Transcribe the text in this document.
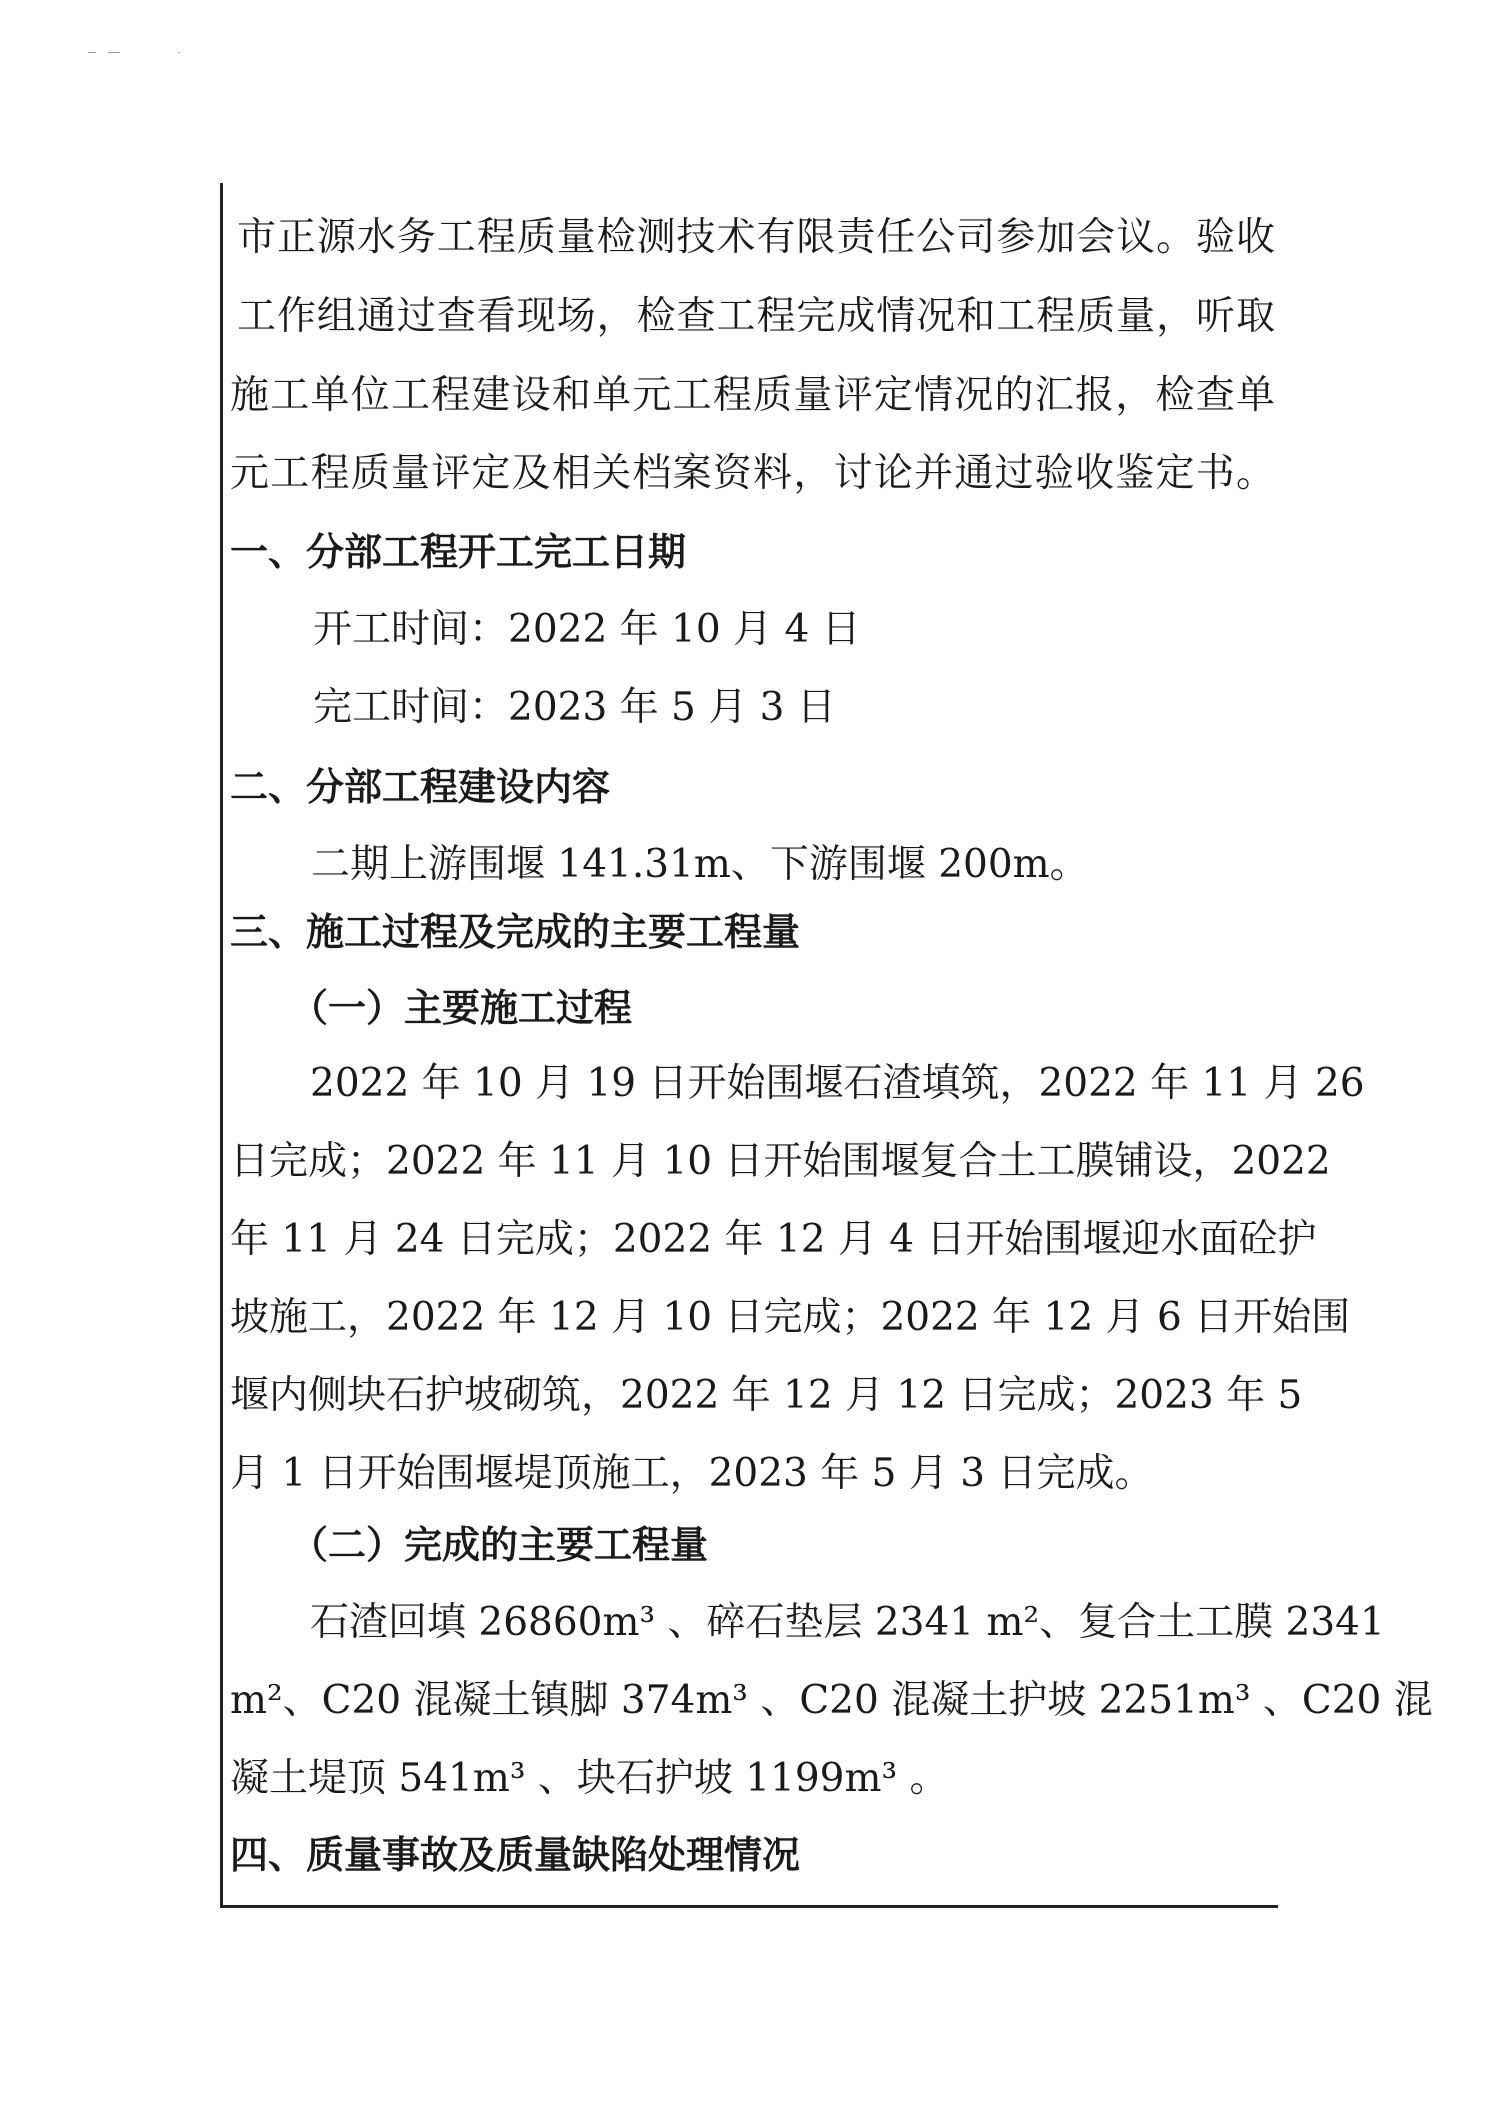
市正源水务工程质量检测技术有限责任公司参加会议。验收
工作组通过查看现场，检查工程完成情况和工程质量，听取
施工单位工程建设和单元工程质量评定情况的汇报，检查单
元工程质量评定及相关档案资料，讨论并通过验收鉴定书。
一、分部工程开工完工日期
开工时间：2022 年 10 月 4 日
完工时间：2023 年 5 月 3 日
二、分部工程建设内容
二期上游围堰 141.31m、下游围堰 200m。
三、施工过程及完成的主要工程量
（一）主要施工过程
2022 年 10 月 19 日开始围堰石渣填筑，2022 年 11 月 26
日完成；2022 年 11 月 10 日开始围堰复合土工膜铺设，2022
年 11 月 24 日完成；2022 年 12 月 4 日开始围堰迎水面砼护
坡施工，2022 年 12 月 10 日完成；2022 年 12 月 6 日开始围
堰内侧块石护坡砌筑，2022 年 12 月 12 日完成；2023 年 5
月 1 日开始围堰堤顶施工，2023 年 5 月 3 日完成。
（二）完成的主要工程量
石渣回填 26860m³ 、碎石垫层 2341 m²、复合土工膜 2341
m²、C20 混凝土镇脚 374m³ 、C20 混凝土护坡 2251m³ 、C20 混
凝土堤顶 541m³ 、块石护坡 1199m³ 。
四、质量事故及质量缺陷处理情况
